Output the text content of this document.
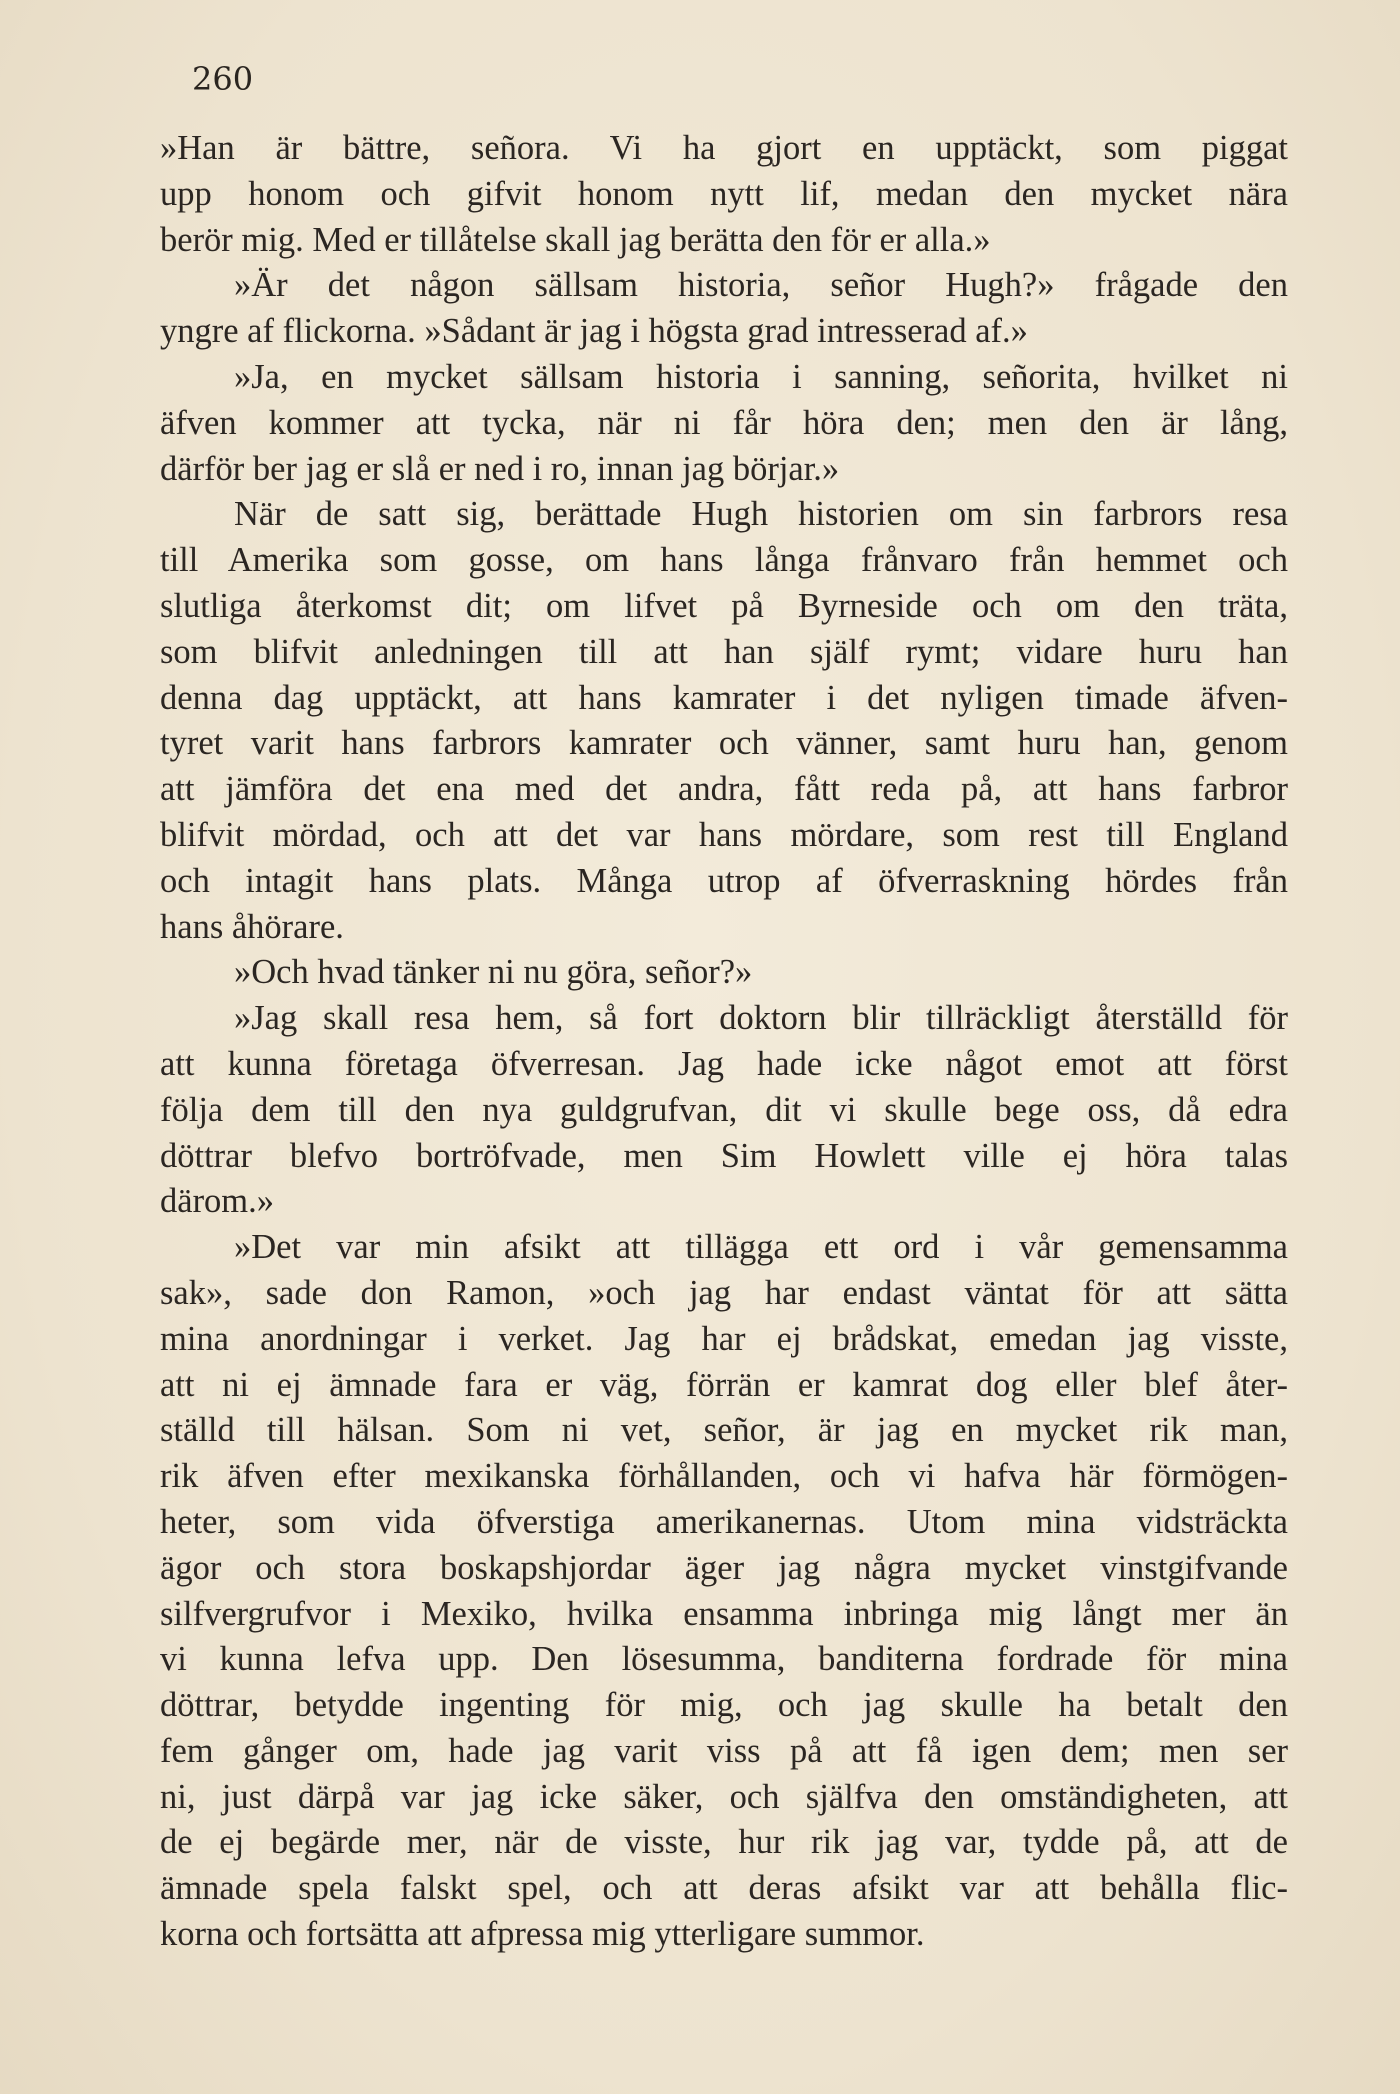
260
»Han är bättre, señora. Vi ha gjort en upptäckt, som piggat
upp honom och gifvit honom nytt lif, medan den mycket nära
berör mig. Med er tillåtelse skall jag berätta den för er alla.»
»Är det någon sällsam historia, señor Hugh?» frågade den
yngre af flickorna. »Sådant är jag i högsta grad intresserad af.»
»Ja, en mycket sällsam historia i sanning, señorita, hvilket ni
äfven kommer att tycka, när ni får höra den; men den är lång,
därför ber jag er slå er ned i ro, innan jag börjar.»
När de satt sig, berättade Hugh historien om sin farbrors resa
till Amerika som gosse, om hans långa frånvaro från hemmet och
slutliga återkomst dit; om lifvet på Byrneside och om den träta,
som blifvit anledningen till att han själf rymt; vidare huru han
denna dag upptäckt, att hans kamrater i det nyligen timade äfven-
tyret varit hans farbrors kamrater och vänner, samt huru han, genom
att jämföra det ena med det andra, fått reda på, att hans farbror
blifvit mördad, och att det var hans mördare, som rest till England
och intagit hans plats. Många utrop af öfverraskning hördes från
hans åhörare.
»Och hvad tänker ni nu göra, señor?»
»Jag skall resa hem, så fort doktorn blir tillräckligt återställd för
att kunna företaga öfverresan. Jag hade icke något emot att först
följa dem till den nya guldgrufvan, dit vi skulle bege oss, då edra
döttrar blefvo bortröfvade, men Sim Howlett ville ej höra talas
därom.»
»Det var min afsikt att tillägga ett ord i vår gemensamma
sak», sade don Ramon, »och jag har endast väntat för att sätta
mina anordningar i verket. Jag har ej brådskat, emedan jag visste,
att ni ej ämnade fara er väg, förrän er kamrat dog eller blef åter-
ställd till hälsan. Som ni vet, señor, är jag en mycket rik man,
rik äfven efter mexikanska förhållanden, och vi hafva här förmögen-
heter, som vida öfverstiga amerikanernas. Utom mina vidsträckta
ägor och stora boskapshjordar äger jag några mycket vinstgifvande
silfvergrufvor i Mexiko, hvilka ensamma inbringa mig långt mer än
vi kunna lefva upp. Den lösesumma, banditerna fordrade för mina
döttrar, betydde ingenting för mig, och jag skulle ha betalt den
fem gånger om, hade jag varit viss på att få igen dem; men ser
ni, just därpå var jag icke säker, och själfva den omständigheten, att
de ej begärde mer, när de visste, hur rik jag var, tydde på, att de
ämnade spela falskt spel, och att deras afsikt var att behålla flic-
korna och fortsätta att afpressa mig ytterligare summor.
